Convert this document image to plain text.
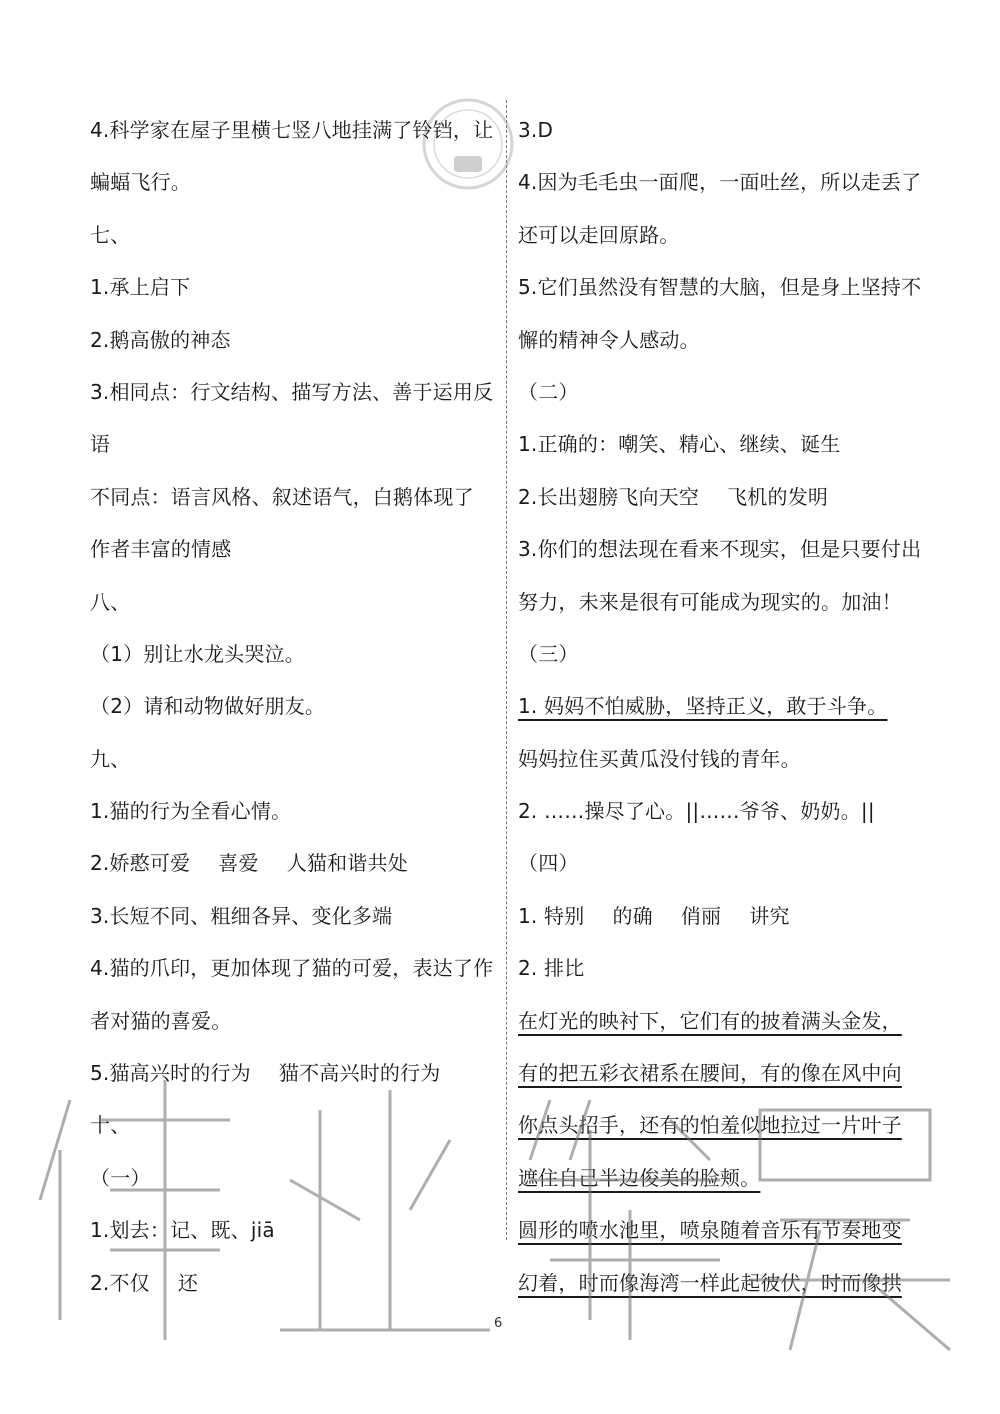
4.科学家在屋子里横七竖八地挂满了铃铛，让
蝙蝠飞行。
七、
1.承上启下
2.鹅高傲的神态
3.相同点：行文结构、描写方法、善于运用反
语
不同点：语言风格、叙述语气，白鹅体现了
作者丰富的情感
八、
（1）别让水龙头哭泣。
（2）请和动物做好朋友。
九、
1.猫的行为全看心情。
2.娇憨可爱 喜爱 人猫和谐共处
3.长短不同、粗细各异、变化多端
4.猫的爪印，更加体现了猫的可爱，表达了作
者对猫的喜爱。
5.猫高兴时的行为 猫不高兴时的行为
十、
（一）
1.划去：记、既、jiā
2.不仅 还
3.D
4.因为毛毛虫一面爬，一面吐丝，所以走丢了
还可以走回原路。
5.它们虽然没有智慧的大脑，但是身上坚持不
懈的精神令人感动。
（二）
1.正确的：嘲笑、精心、继续、诞生
2.长出翅膀飞向天空 飞机的发明
3.你们的想法现在看来不现实，但是只要付出
努力，未来是很有可能成为现实的。加油！
（三）
1. 妈妈不怕威胁，坚持正义，敢于斗争。
妈妈拉住买黄瓜没付钱的青年。
2. ……操尽了心。||……爷爷、奶奶。||
（四）
1. 特别 的确 俏丽 讲究
2. 排比
在灯光的映衬下，它们有的披着满头金发，
有的把五彩衣裙系在腰间，有的像在风中向
你点头招手，还有的怕羞似地拉过一片叶子
遮住自己半边俊美的脸颊。
圆形的喷水池里，喷泉随着音乐有节奏地变
幻着，时而像海湾一样此起彼伏，时而像拱
6
